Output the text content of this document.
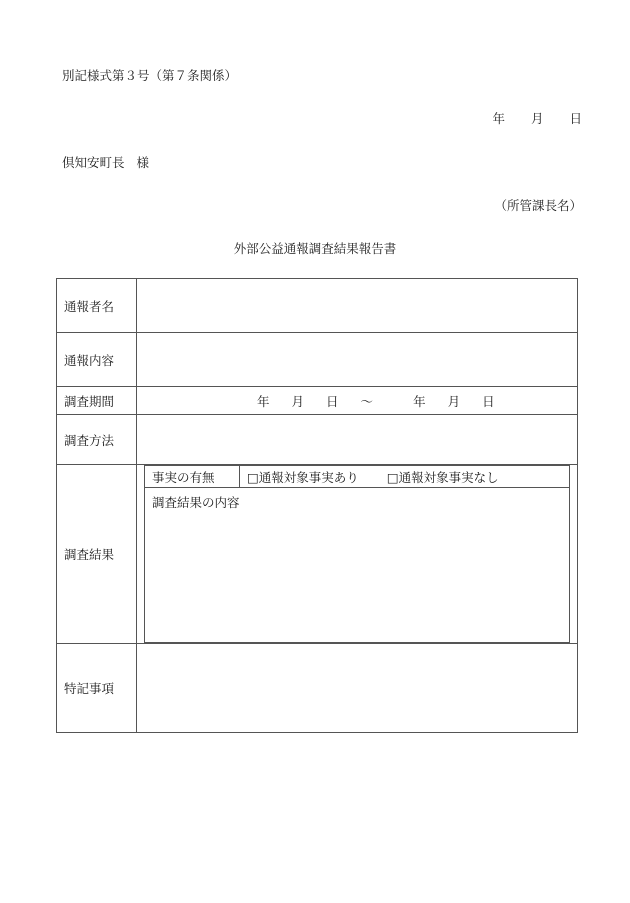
別記様式第３号（第７条関係）
年 月 日
倶知安町長 様
（所管課長名）
外部公益通報調査結果報告書
通報者名	
通報内容	
調査期間	年 月 日 ～	年 月 日
調査方法	
調査結果	
事実の有無	□通報対象事実あり □通報対象事実なし
調査結果の内容

特記事項	
